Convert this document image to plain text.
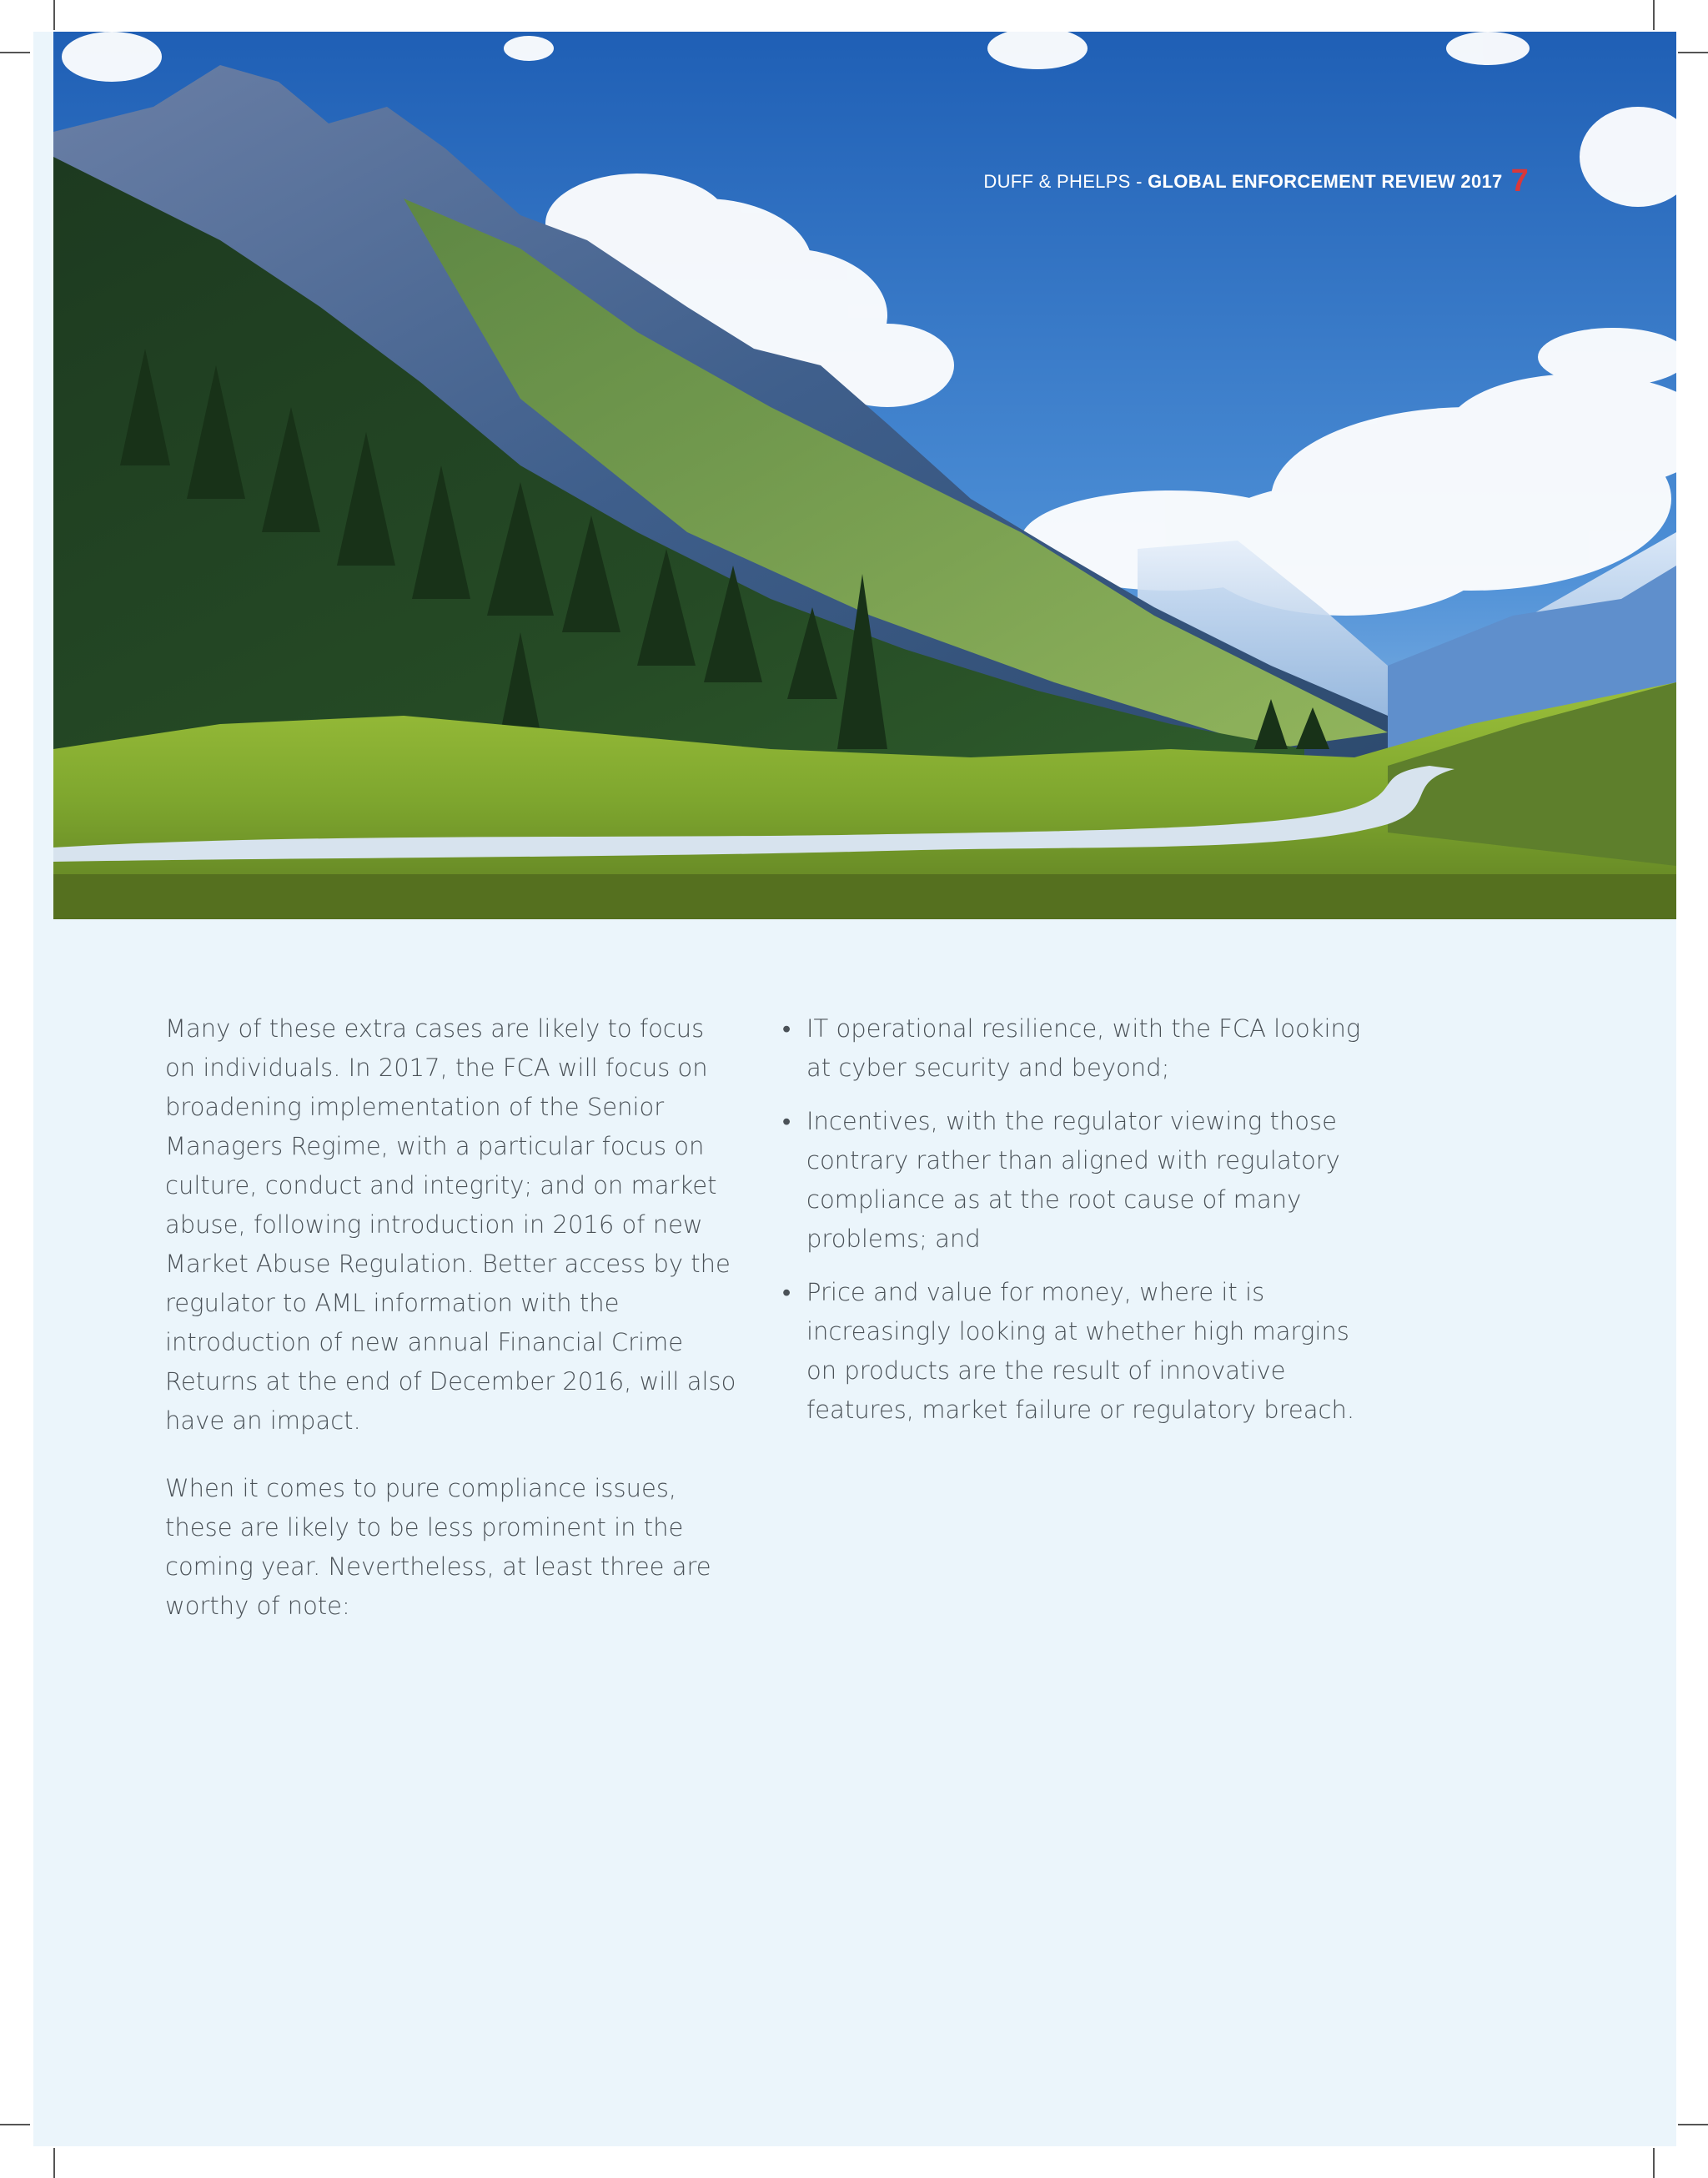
DUFF & PHELPS - GLOBAL ENFORCEMENT REVIEW 2017 7

Many of these extra cases are likely to focus on individuals. In 2017, the FCA will focus on broadening implementation of the Senior Managers Regime, with a particular focus on culture, conduct and integrity; and on market abuse, following introduction in 2016 of new Market Abuse Regulation. Better access by the regulator to AML information with the introduction of new annual Financial Crime Returns at the end of December 2016, will also have an impact.

When it comes to pure compliance issues, these are likely to be less prominent in the coming year. Nevertheless, at least three are worthy of note:

• IT operational resilience, with the FCA looking at cyber security and beyond;
• Incentives, with the regulator viewing those contrary rather than aligned with regulatory compliance as at the root cause of many problems; and
• Price and value for money, where it is increasingly looking at whether high margins on products are the result of innovative features, market failure or regulatory breach.
